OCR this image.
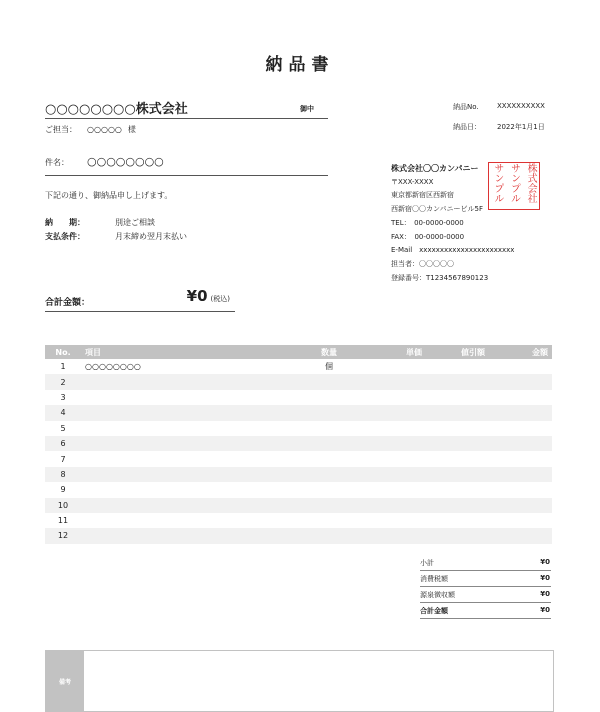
納品書
○○○○○○○○株式会社	御中
ご担当： ○○○○○ 様
件名： ○○○○○○○○
下記の通り、御納品申し上げます。
納　　期：	別途ご相談
支払条件：	月末締め翌月末払い
¥0 (税込)
合計金額：
納品No.	XXXXXXXXXX
納品日： 2022年1月1日
株式会社〇〇カンパニー
〒XXX-XXXX
東京都新宿区西新宿
西新宿〇〇カンパニービル5F
TEL：　00-0000-0000
FAX：　00-0000-0000
E-Mail　xxxxxxxxxxxxxxxxxxxxxxx
担当者：〇〇〇〇〇
登録番号：T1234567890123
株式会社
サンプル
サンプル
No.	項目	数量	単価	値引額	金額
1	○○○○○○○○	個			
2					
3					
4					
5					
6					
7					
8					
9					
10					
11					
12					
小計	¥0
消費税額	¥0
源泉徴収額	¥0
合計金額	¥0
備考
